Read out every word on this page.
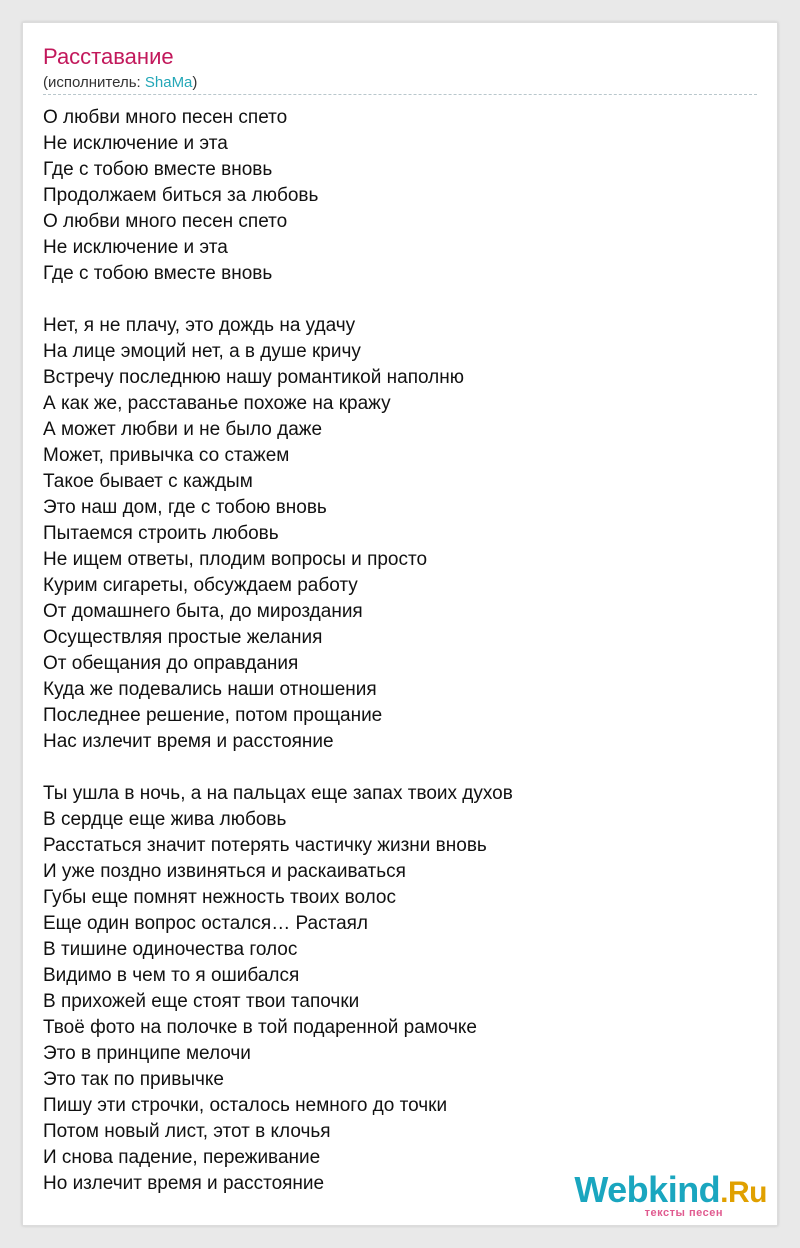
Расставание
(исполнитель: ShaMa)
О любви много песен спето
Не исключение и эта
Где с тобою вместе вновь
Продолжаем биться за любовь
О любви много песен спето
Не исключение и эта
Где с тобою вместе вновь
Нет, я не плачу, это дождь на удачу
На лице эмоций нет, а в душе кричу
Встречу последнюю нашу романтикой наполню
А как же, расставанье похоже на кражу
А может любви и не было даже
Может, привычка со стажем
Такое бывает с каждым
Это наш дом, где с тобою вновь
Пытаемся строить любовь
Не ищем ответы, плодим вопросы и просто
Курим сигареты, обсуждаем работу
От домашнего быта, до мироздания
Осуществляя простые желания
От обещания до оправдания
Куда же подевались наши отношения
Последнее решение, потом прощание
Нас излечит время и расстояние
Ты ушла в ночь, а на пальцах еще запах твоих духов
В сердце еще жива любовь
Расстаться значит потерять частичку жизни вновь
И уже поздно извиняться и раскаиваться
Губы еще помнят нежность твоих волос
Еще один вопрос остался… Растаял
В тишине одиночества голос
Видимо в чем то я ошибался
В прихожей еще стоят твои тапочки
Твоё фото на полочке в той подаренной рамочке
Это в принципе мелочи
Это так по привычке
Пишу эти строчки, осталось немного до точки
Потом новый лист, этот в клочья
И снова падение, переживание
Но излечит время и расстояние	Webkind.Ru
тексты песен
